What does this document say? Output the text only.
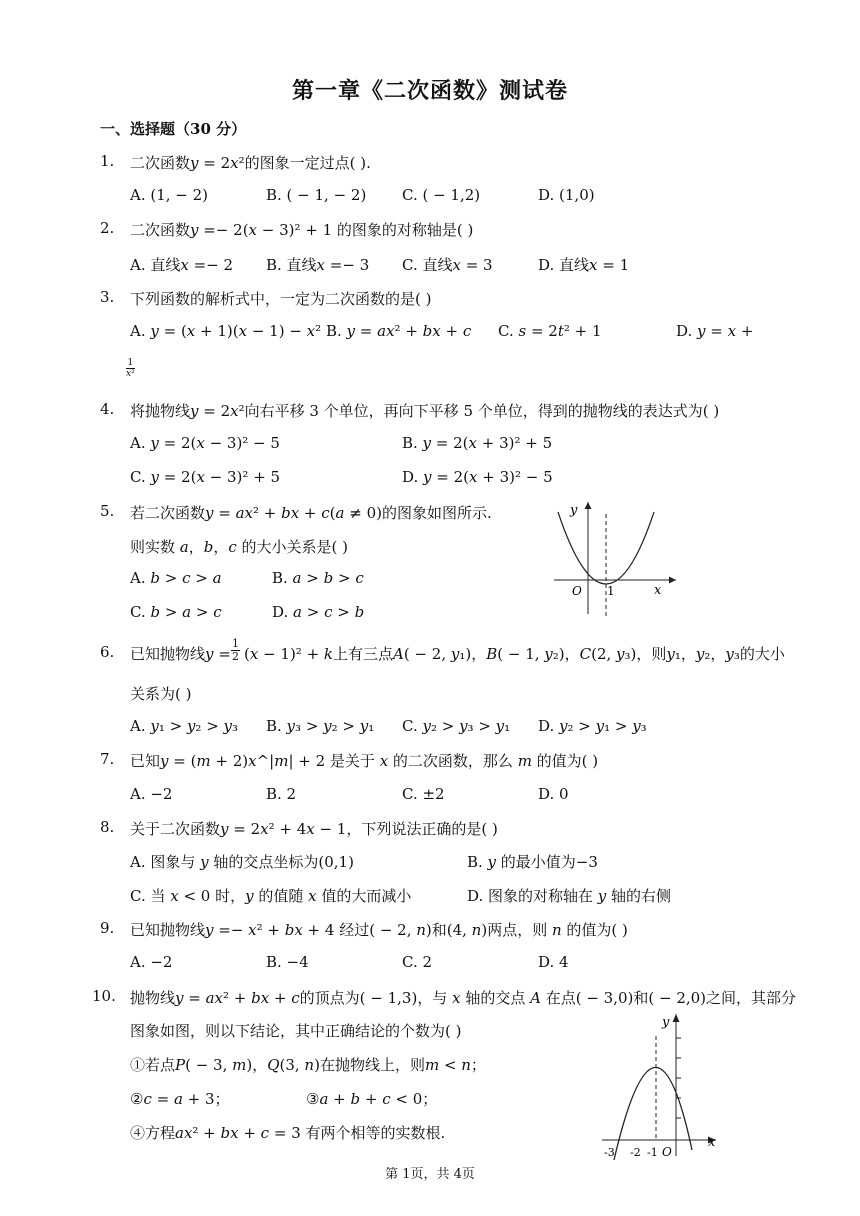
第一章《二次函数》测试卷
一、选择题（30 分）
1. 二次函数𝑦 = 2𝑥²的图象一定过点( ).
A. (1, − 2)	B. ( − 1, − 2) C. ( − 1,2)	D. (1,0)
2. 二次函数𝑦 =− 2(𝑥 − 3)² + 1 的图象的对称轴是( )
A. 直线𝑥 =− 2 B. 直线𝑥 =− 3 C. 直线𝑥 = 3	D. 直线𝑥 = 1
3. 下列函数的解析式中，一定为二次函数的是( )
A. 𝑦 = (𝑥 + 1)(𝑥 − 1) − 𝑥² B. 𝑦 = 𝑎𝑥² + 𝑏𝑥 + 𝑐 C. 𝑠 = 2𝑡² + 1	D. 𝑦 = 𝑥 +
1
𝑥²
4. 将抛物线𝑦 = 2𝑥²向右平移 3 个单位，再向下平移 5 个单位，得到的抛物线的表达式为( )
A. 𝑦 = 2(𝑥 − 3)² − 5	B. 𝑦 = 2(𝑥 + 3)² + 5
C. 𝑦 = 2(𝑥 − 3)² + 5	D. 𝑦 = 2(𝑥 + 3)² − 5
5. 若二次函数𝑦 = 𝑎𝑥² + 𝑏𝑥 + 𝑐(𝑎 ≠ 0)的图象如图所示.
则实数 𝑎，𝑏，𝑐 的大小关系是( )
A. 𝑏 > 𝑐 > 𝑎	B. 𝑎 > 𝑏 > 𝑐
C. 𝑏 > 𝑎 > 𝑐	D. 𝑎 > 𝑐 > 𝑏
y
x
O 1
6. 已知抛物线𝑦 = $\frac{1}{2}$ (𝑥 − 1)² + 𝑘上有三点𝐴( − 2, 𝑦₁)，𝐵( − 1, 𝑦₂)，𝐶(2, 𝑦₃)，则𝑦₁，𝑦₂，𝑦₃的大小
关系为( )
A. 𝑦₁ > 𝑦₂ > 𝑦₃ B. 𝑦₃ > 𝑦₂ > 𝑦₁ C. 𝑦₂ > 𝑦₃ > 𝑦₁ D. 𝑦₂ > 𝑦₁ > 𝑦₃
7. 已知𝑦 = (𝑚 + 2)𝑥^|𝑚| + 2 是关于 𝑥 的二次函数，那么 𝑚 的值为( )
A. −2	B. 2	C. ±2	D. 0
8. 关于二次函数𝑦 = 2𝑥² + 4𝑥 − 1，下列说法正确的是( )
A. 图象与 𝑦 轴的交点坐标为(0,1)	B. 𝑦 的最小值为−3
C. 当 𝑥 < 0 时，𝑦 的值随 𝑥 值的大而减小	D. 图象的对称轴在 𝑦 轴的右侧
9. 已知抛物线𝑦 =− 𝑥² + 𝑏𝑥 + 4 经过( − 2, 𝑛)和(4, 𝑛)两点，则 𝑛 的值为( )
A. −2	B. −4	C. 2	D. 4
10. 抛物线𝑦 = 𝑎𝑥² + 𝑏𝑥 + 𝑐的顶点为( − 1,3)，与 𝑥 轴的交点 𝐴 在点( − 3,0)和( − 2,0)之间，其部分
图象如图，则以下结论，其中正确结论的个数为( )
①若点𝑃( − 3, 𝑚)，𝑄(3, 𝑛)在抛物线上，则𝑚 < 𝑛；
②𝑐 = 𝑎 + 3；	③𝑎 + 𝑏 + 𝑐 < 0；
④方程𝑎𝑥² + 𝑏𝑥 + 𝑐 = 3 有两个相等的实数根.
y
x
O
-3 -2 -1
第 1页，共 4页
